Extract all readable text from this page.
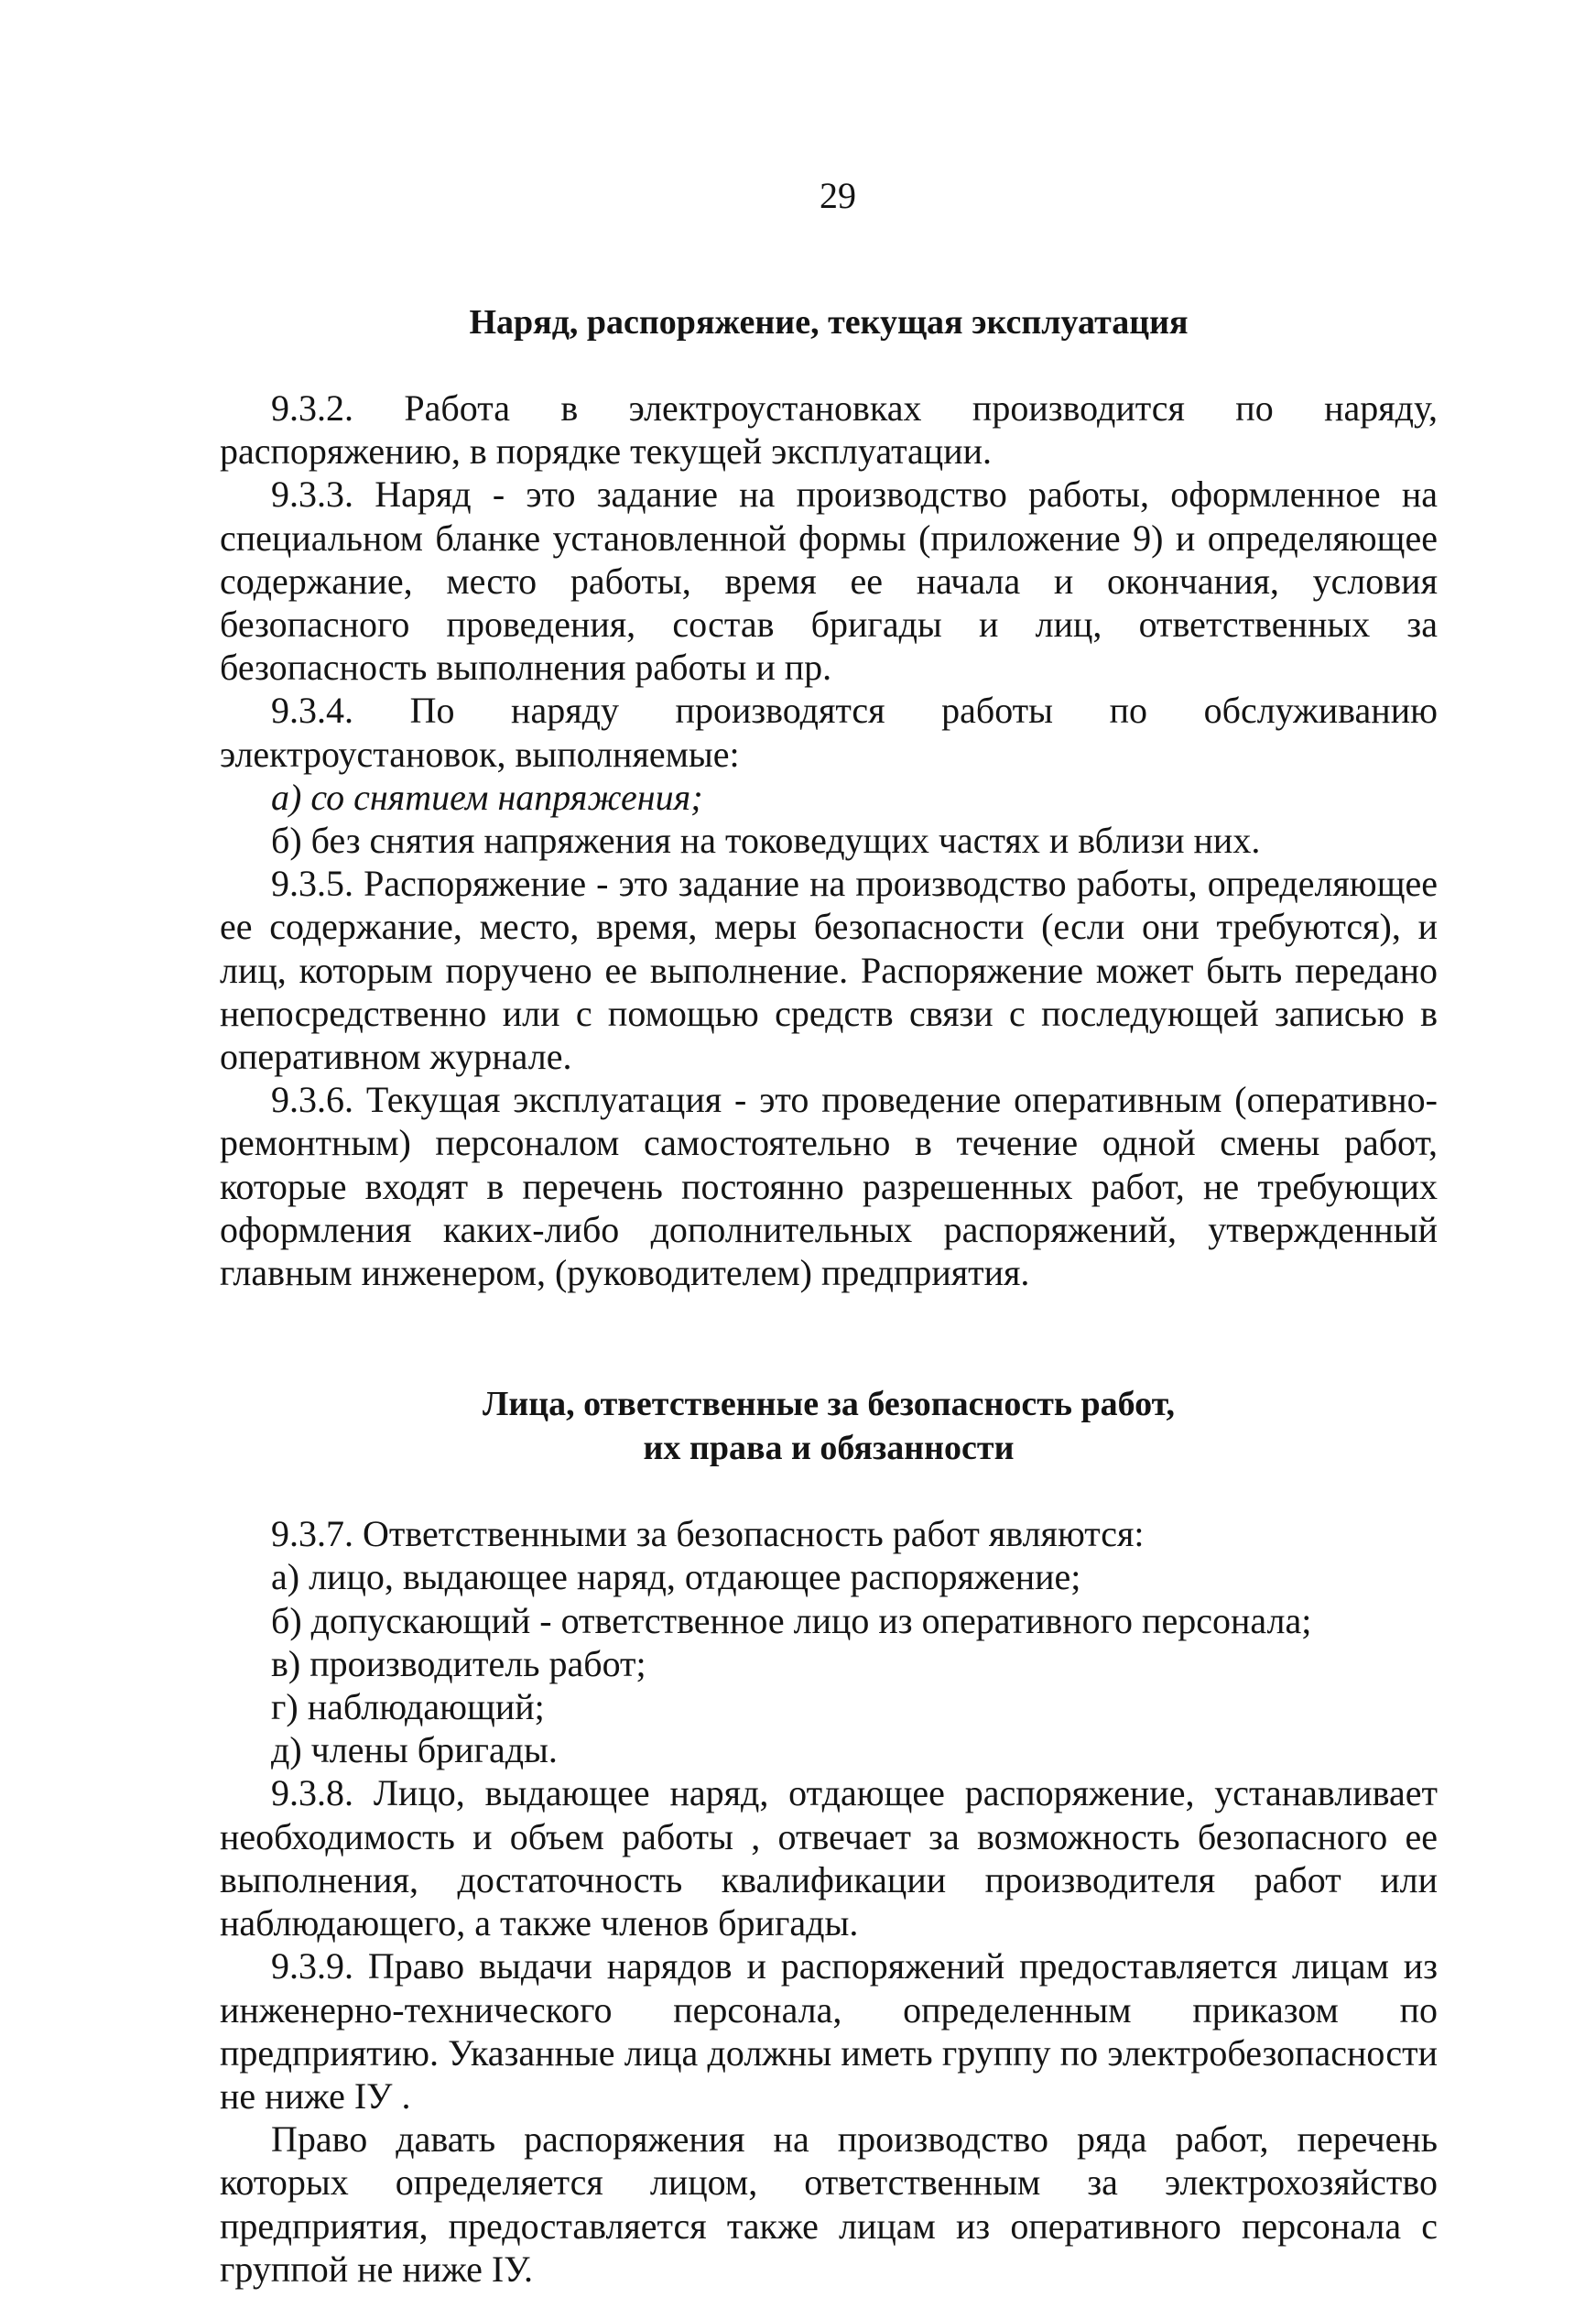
29
Наряд, распоряжение, текущая эксплуатация

9.3.2. Работа в электроустановках производится по наряду, распоряжению, в порядке текущей эксплуатации.

9.3.3. Наряд - это задание на производство работы, оформленное на специальном бланке установленной формы (приложение 9) и определяющее содержание, место работы, время ее начала и окончания, условия безопасного проведения, состав бригады и лиц, ответственных за безопасность выполнения работы и пр.

9.3.4. По наряду производятся работы по обслуживанию электроустановок, выполняемые:

а) со снятием напряжения;

б) без снятия напряжения на токоведущих частях и вблизи них.

9.3.5. Распоряжение - это задание на производство работы, определяющее ее содержание, место, время, меры безопасности (если они требуются), и лиц, которым поручено ее выполнение. Распоряжение может быть передано непосредственно или с помощью средств связи с последующей записью в оперативном журнале.

9.3.6. Текущая эксплуатация - это проведение оперативным (оперативно-ремонтным) персоналом самостоятельно в течение одной смены работ, которые входят в перечень постоянно разрешенных работ, не требующих оформления каких-либо дополнительных распоряжений, утвержденный главным инженером, (руководителем) предприятия.

Лица, ответственные за безопасность работ,
их права и обязанности

9.3.7. Ответственными за безопасность работ являются:

а) лицо, выдающее наряд, отдающее распоряжение;

б) допускающий - ответственное лицо из оперативного персонала;

в) производитель работ;

г) наблюдающий;

д) члены бригады.

9.3.8. Лицо, выдающее наряд, отдающее распоряжение, устанавливает необходимость и объем работы , отвечает за возможность безопасного ее выполнения, достаточность квалификации производителя работ или наблюдающего, а также членов бригады.

9.3.9. Право выдачи нарядов и распоряжений предоставляется лицам из инженерно-технического персонала, определенным приказом по предприятию. Указанные лица должны иметь группу по электробезопасности не ниже IУ .

Право давать распоряжения на производство ряда работ, перечень которых определяется лицом, ответственным за электрохозяйство предприятия, предоставляется также лицам из оперативного персонала с группой не ниже IУ.
